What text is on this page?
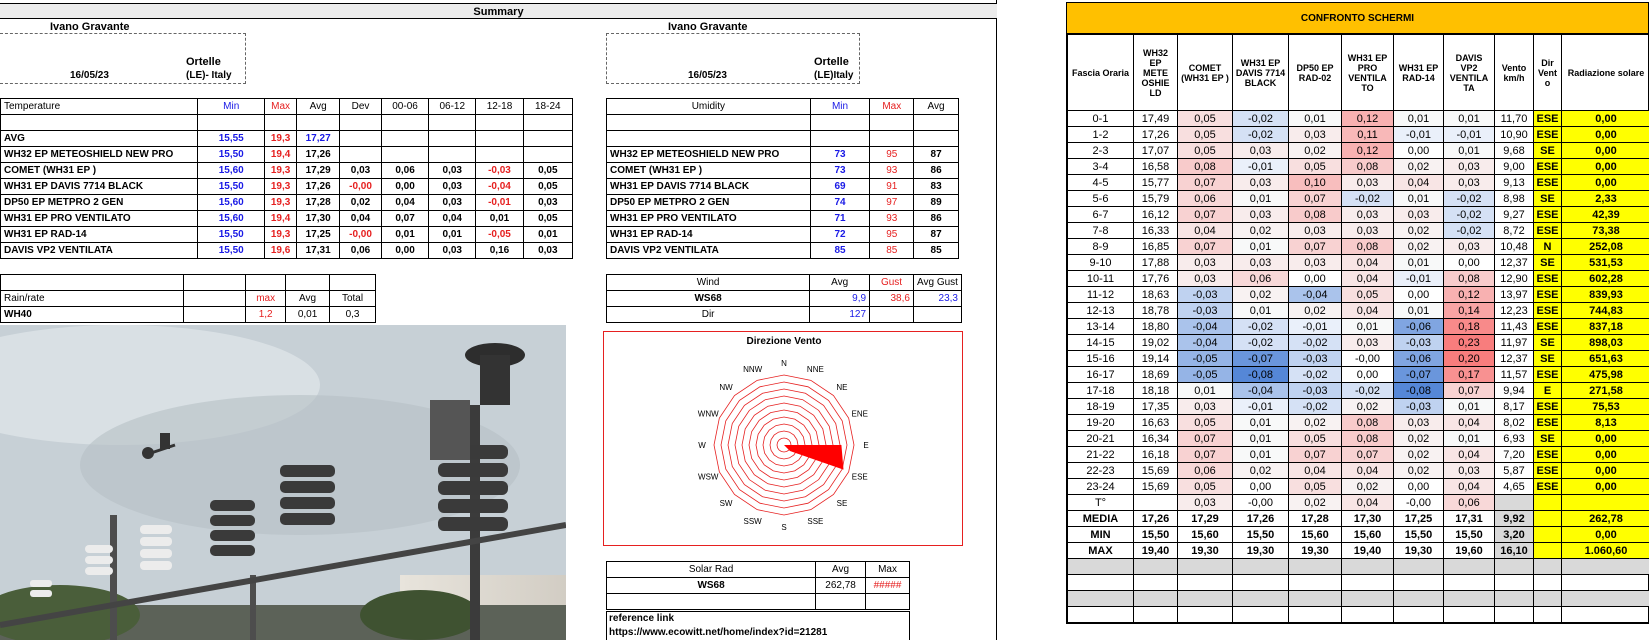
Summary
Ivano Gravante
16/05/23
Ortelle
(LE)- Italy
Ivano Gravante
16/05/23
Ortelle
(LE)Italy
Temperature	Min	Max	Avg	Dev	00-06	06-12	12-18	18-24

AVG	15,55	19,3	17,27					
WH32 EP METEOSHIELD NEW PRO	15,50	19,4	17,26					
COMET (WH31 EP )	15,60	19,3	17,29	0,03	0,06	0,03	-0,03	0,05
WH31 EP DAVIS 7714 BLACK	15,50	19,3	17,26	-0,00	0,00	0,03	-0,04	0,05
DP50 EP METPRO 2 GEN	15,60	19,3	17,28	0,02	0,04	0,03	-0,01	0,03
WH31 EP PRO VENTILATO	15,60	19,4	17,30	0,04	0,07	0,04	0,01	0,05
WH31 EP RAD-14	15,50	19,3	17,25	-0,00	0,01	0,01	-0,05	0,01
DAVIS VP2 VENTILATA	15,50	19,6	17,31	0,06	0,00	0,03	0,16	0,03
Umidity	Min	Max	Avg

WH32 EP METEOSHIELD NEW PRO	73	95	87
COMET (WH31 EP )	73	93	86
WH31 EP DAVIS 7714 BLACK	69	91	83
DP50 EP METPRO 2 GEN	74	97	89
WH31 EP PRO VENTILATO	71	93	86
WH31 EP RAD-14	72	95	87
DAVIS VP2 VENTILATA	85	85	85

Rain/rate		max	Avg	Total
WH40		1,2	0,01	0,3
Wind	Avg	Gust	Avg Gust
WS68	9,9	38,6	23,3
Dir	127		
Direzione Vento
N
NNE
NE
ENE
E
ESE
SE
SSE
S
SSW
SW
WSW
W
WNW
NW
NNW
Solar Rad	Avg	Max
WS68	262,78	#####

reference link
https://www.ecowitt.net/home/index?id=21281
CONFRONTO SCHERMI
Fascia Oraria	WH32 EP METE OSHIE LD	COMET (WH31 EP )	WH31 EP DAVIS 7714 BLACK	DP50 EP RAD-02	WH31 EP PRO VENTILA TO	WH31 EP RAD-14	DAVIS VP2 VENTILA TA	Vento km/h	Dir Vent o	Radiazione solare
0-1	17,49	0,05	-0,02	0,01	0,12	0,01	0,01	11,70	ESE	0,00
1-2	17,26	0,05	-0,02	0,03	0,11	-0,01	-0,01	10,90	ESE	0,00
2-3	17,07	0,05	0,03	0,02	0,12	0,00	0,01	9,68	SE	0,00
3-4	16,58	0,08	-0,01	0,05	0,08	0,02	0,03	9,00	ESE	0,00
4-5	15,77	0,07	0,03	0,10	0,03	0,04	0,03	9,13	ESE	0,00
5-6	15,79	0,06	0,01	0,07	-0,02	0,01	-0,02	8,98	SE	2,33
6-7	16,12	0,07	0,03	0,08	0,03	0,03	-0,02	9,27	ESE	42,39
7-8	16,33	0,04	0,02	0,03	0,03	0,02	-0,02	8,72	ESE	73,38
8-9	16,85	0,07	0,01	0,07	0,08	0,02	0,03	10,48	N	252,08
9-10	17,88	0,03	0,03	0,03	0,04	0,01	0,00	12,37	SE	531,53
10-11	17,76	0,03	0,06	0,00	0,04	-0,01	0,08	12,90	ESE	602,28
11-12	18,63	-0,03	0,02	-0,04	0,05	0,00	0,12	13,97	ESE	839,93
12-13	18,78	-0,03	0,01	0,02	0,04	0,01	0,14	12,23	ESE	744,83
13-14	18,80	-0,04	-0,02	-0,01	0,01	-0,06	0,18	11,43	ESE	837,18
14-15	19,02	-0,04	-0,02	-0,02	0,03	-0,03	0,23	11,97	SE	898,03
15-16	19,14	-0,05	-0,07	-0,03	-0,00	-0,06	0,20	12,37	SE	651,63
16-17	18,69	-0,05	-0,08	-0,02	0,00	-0,07	0,17	11,57	ESE	475,98
17-18	18,18	0,01	-0,04	-0,03	-0,02	-0,08	0,07	9,94	E	271,58
18-19	17,35	0,03	-0,01	-0,02	0,02	-0,03	0,01	8,17	ESE	75,53
19-20	16,63	0,05	0,01	0,02	0,08	0,03	0,04	8,02	ESE	8,13
20-21	16,34	0,07	0,01	0,05	0,08	0,02	0,01	6,93	SE	0,00
21-22	16,18	0,07	0,01	0,07	0,07	0,02	0,04	7,20	ESE	0,00
22-23	15,69	0,06	0,02	0,04	0,04	0,02	0,03	5,87	ESE	0,00
23-24	15,69	0,05	0,00	0,05	0,02	0,00	0,04	4,65	ESE	0,00
T°		0,03	-0,00	0,02	0,04	-0,00	0,06			
MEDIA	17,26	17,29	17,26	17,28	17,30	17,25	17,31	9,92		262,78
MIN	15,50	15,60	15,50	15,60	15,60	15,50	15,50	3,20		0,00
MAX	19,40	19,30	19,30	19,30	19,40	19,30	19,60	16,10		1.060,60
